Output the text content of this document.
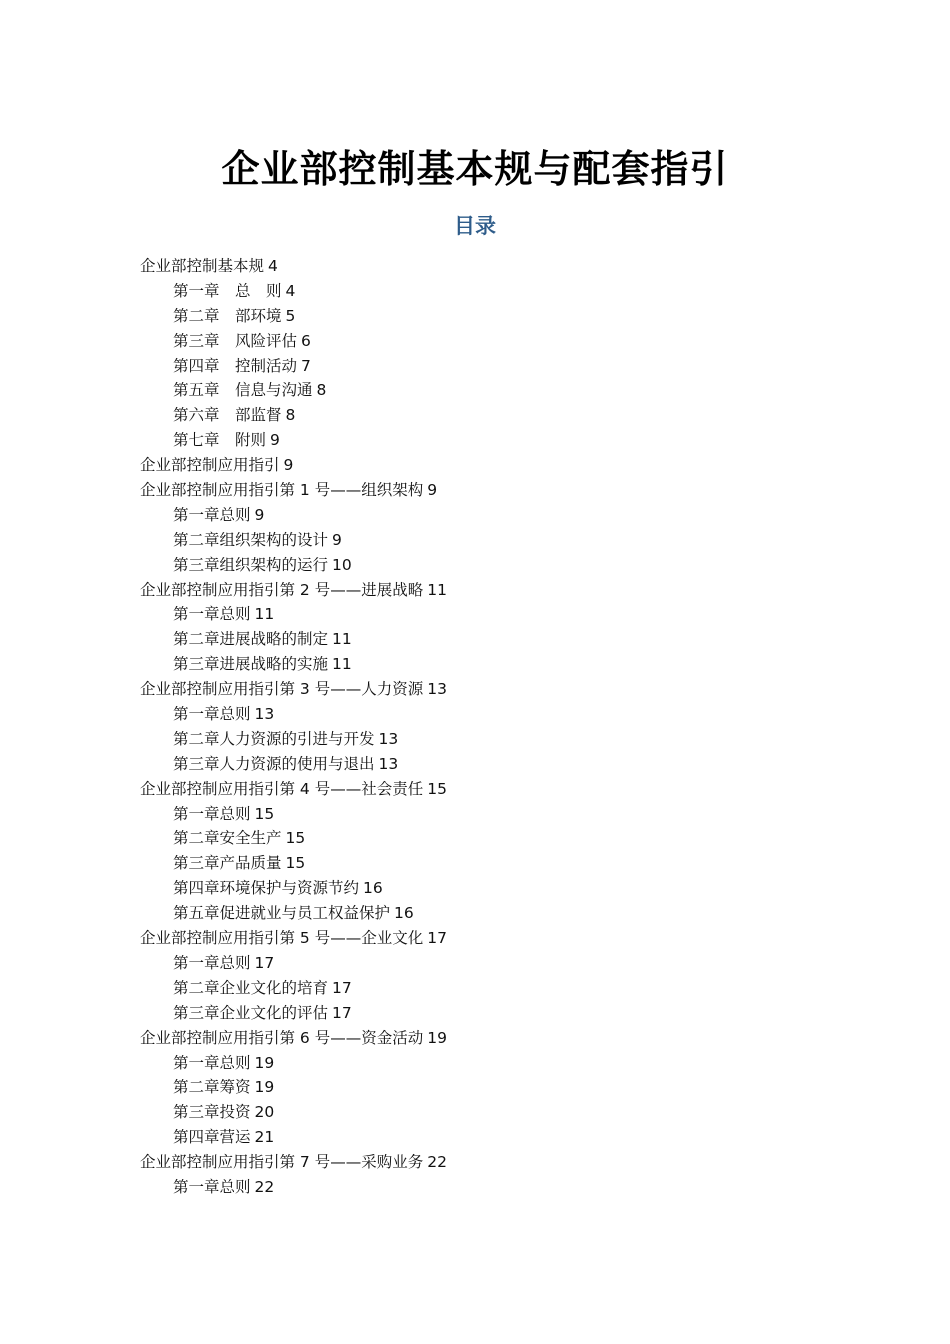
企业部控制基本规与配套指引
目录
企业部控制基本规 4
第一章　总　则 4
第二章　部环境 5
第三章　风险评估 6
第四章　控制活动 7
第五章　信息与沟通 8
第六章　部监督 8
第七章　附则 9
企业部控制应用指引 9
企业部控制应用指引第 1 号——组织架构 9
第一章总则 9
第二章组织架构的设计 9
第三章组织架构的运行 10
企业部控制应用指引第 2 号——进展战略 11
第一章总则 11
第二章进展战略的制定 11
第三章进展战略的实施 11
企业部控制应用指引第 3 号——人力资源 13
第一章总则 13
第二章人力资源的引进与开发 13
第三章人力资源的使用与退出 13
企业部控制应用指引第 4 号——社会责任 15
第一章总则 15
第二章安全生产 15
第三章产品质量 15
第四章环境保护与资源节约 16
第五章促进就业与员工权益保护 16
企业部控制应用指引第 5 号——企业文化 17
第一章总则 17
第二章企业文化的培育 17
第三章企业文化的评估 17
企业部控制应用指引第 6 号——资金活动 19
第一章总则 19
第二章筹资 19
第三章投资 20
第四章营运 21
企业部控制应用指引第 7 号——采购业务 22
第一章总则 22
